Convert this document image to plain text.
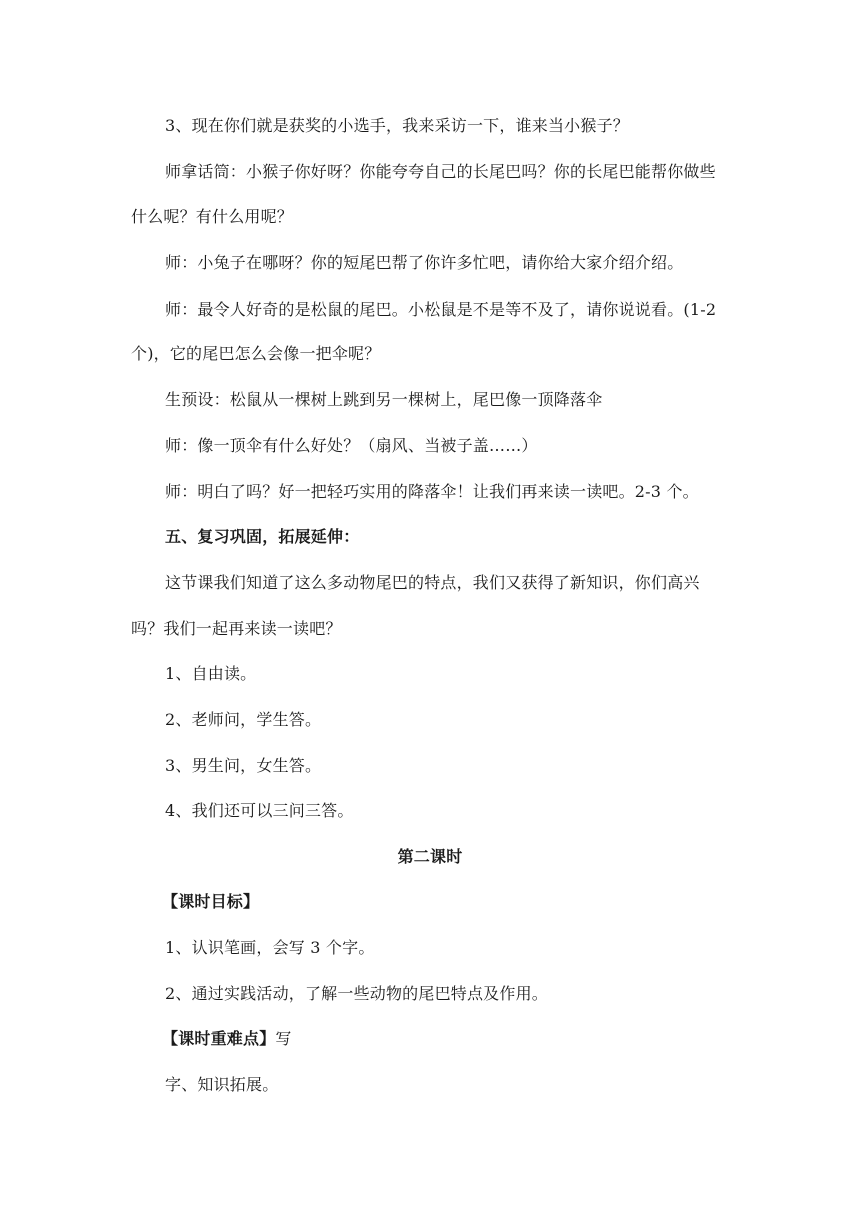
3、现在你们就是获奖的小选手，我来采访一下，谁来当小猴子？
师拿话筒：小猴子你好呀？你能夸夸自己的长尾巴吗？你的长尾巴能帮你做些
什么呢？有什么用呢？
师：小兔子在哪呀？你的短尾巴帮了你许多忙吧，请你给大家介绍介绍。
师：最令人好奇的是松鼠的尾巴。小松鼠是不是等不及了，请你说说看。(1-2
个)，它的尾巴怎么会像一把伞呢？
生预设：松鼠从一棵树上跳到另一棵树上，尾巴像一顶降落伞
师：像一顶伞有什么好处？（扇风、当被子盖……）
师：明白了吗？好一把轻巧实用的降落伞！让我们再来读一读吧。2-3 个。
五、复习巩固，拓展延伸：
这节课我们知道了这么多动物尾巴的特点，我们又获得了新知识，你们高兴
吗？我们一起再来读一读吧？
1、自由读。
2、老师问，学生答。
3、男生问，女生答。
4、我们还可以三问三答。
第二课时
【课时目标】
1、认识笔画，会写 3 个字。
2、通过实践活动，了解一些动物的尾巴特点及作用。
【课时重难点】写
字、知识拓展。
